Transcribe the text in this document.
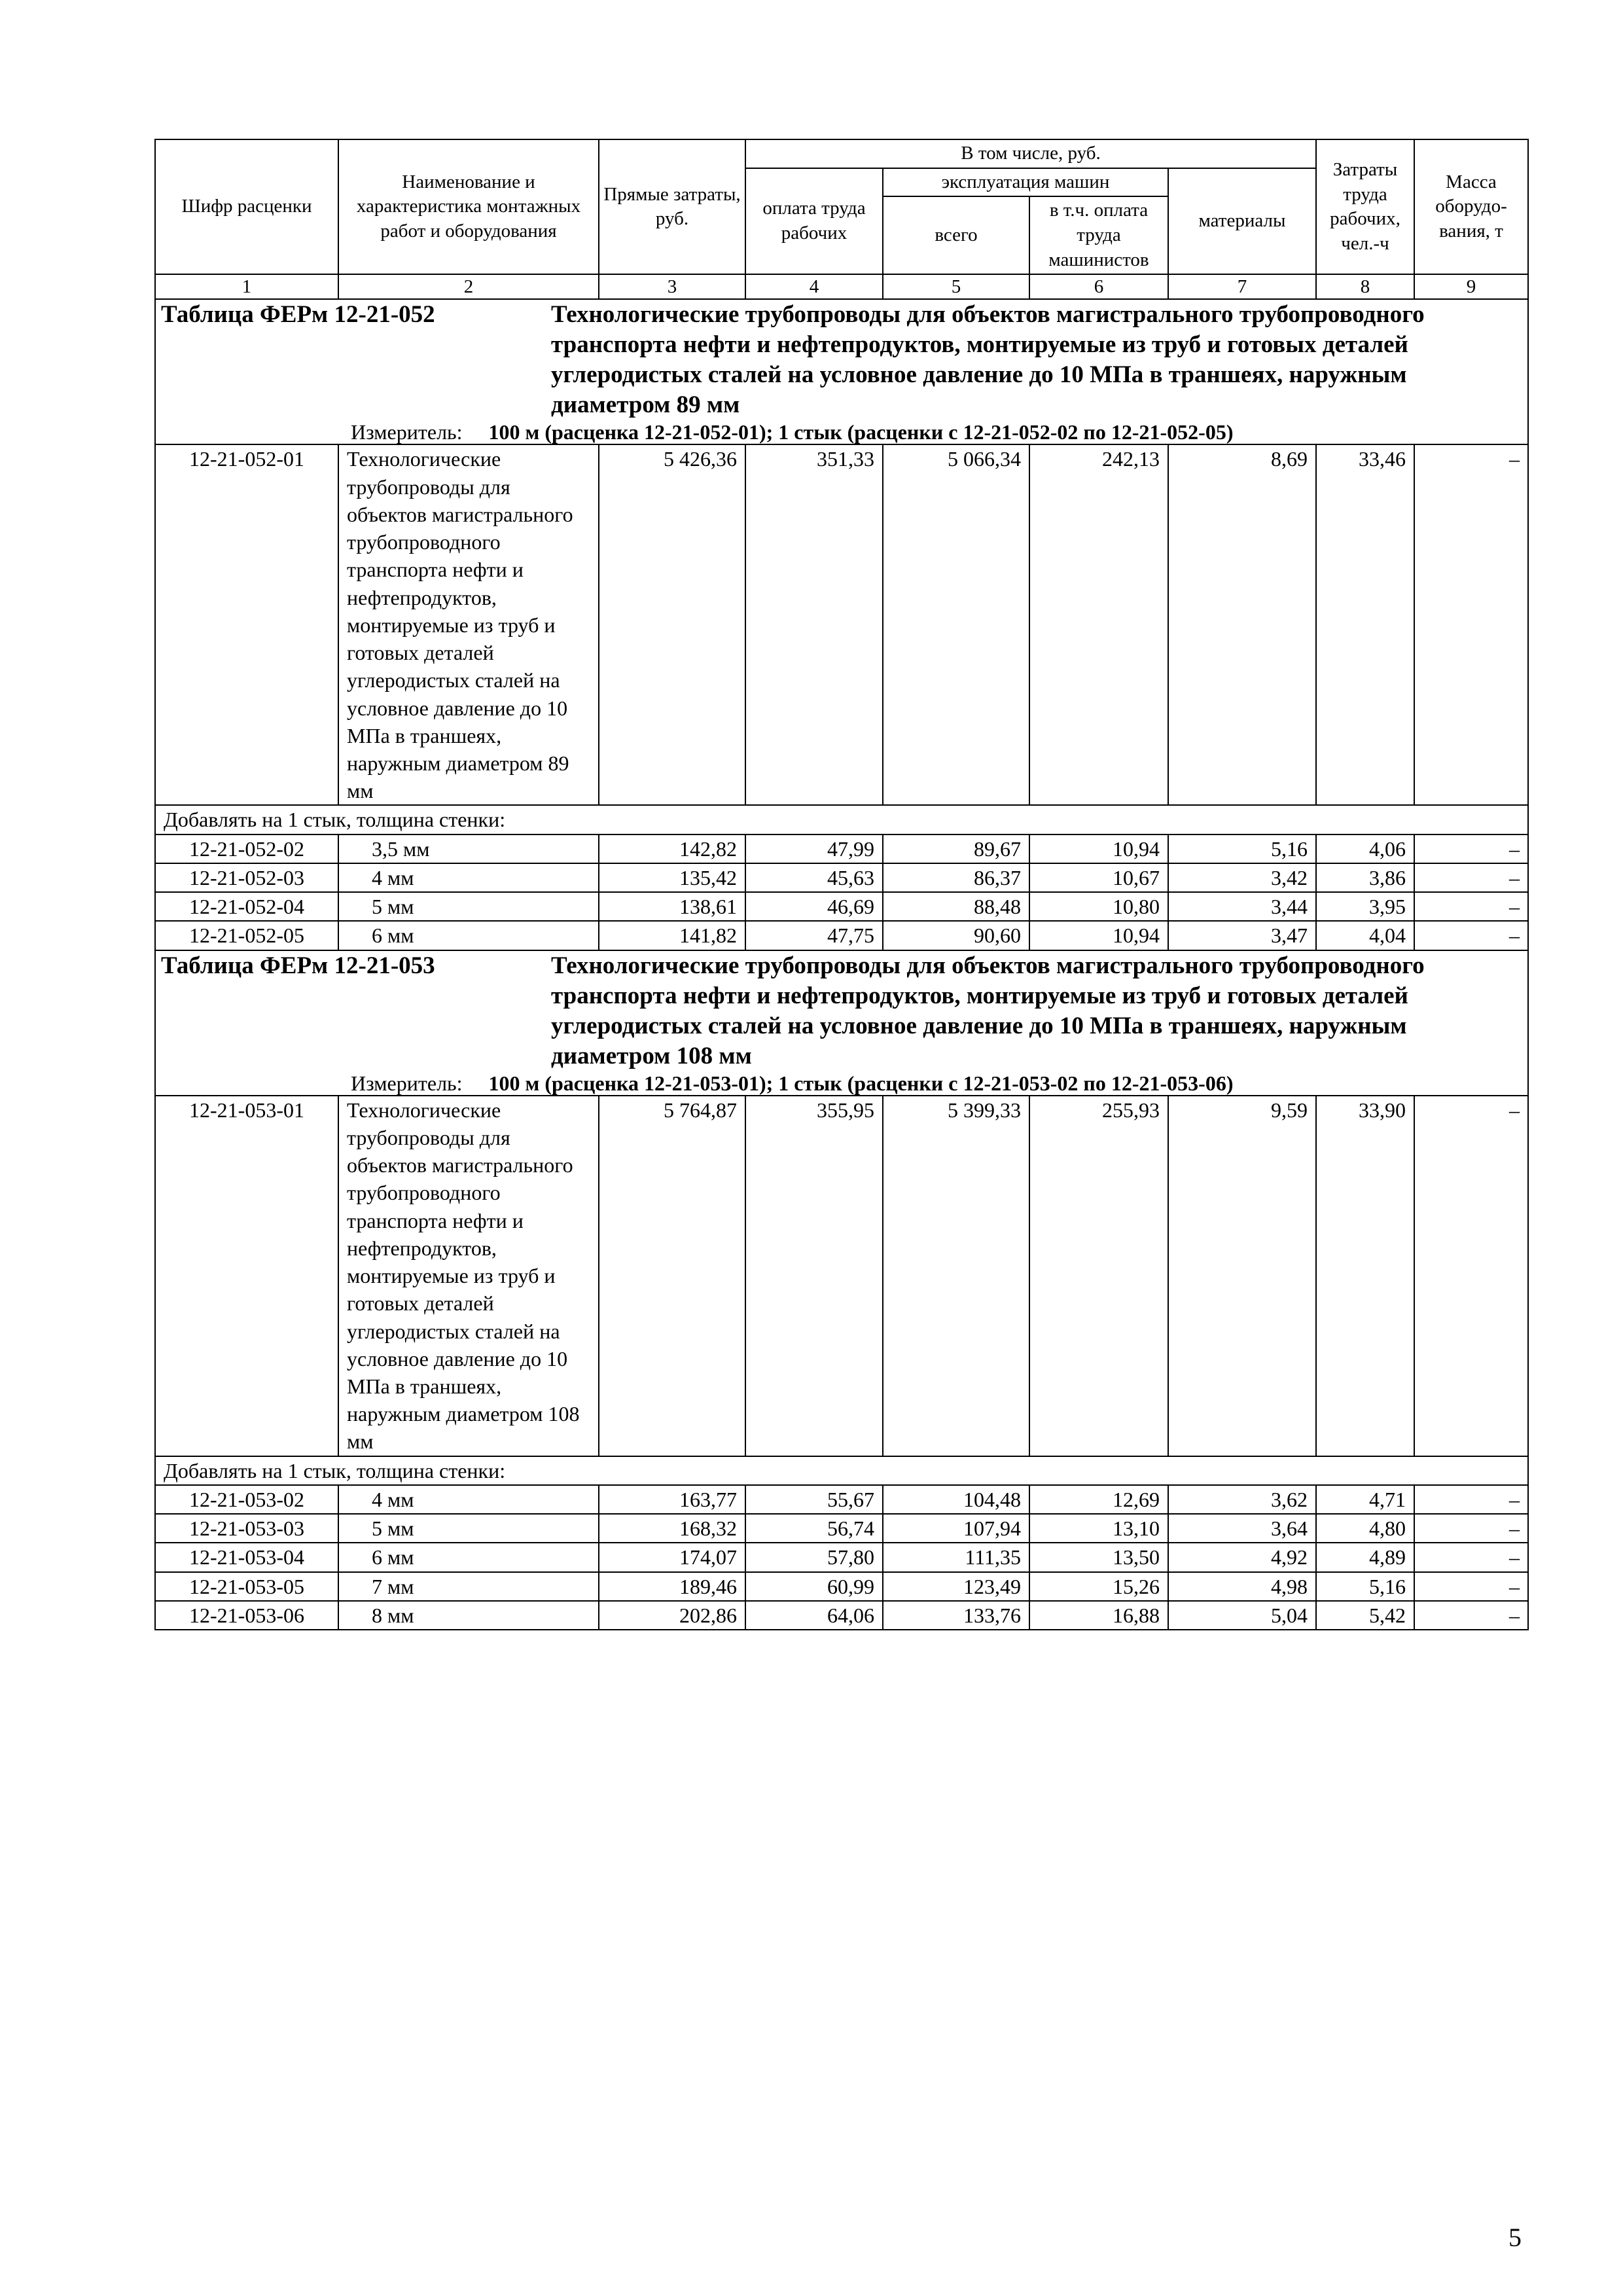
Шифр расценки	Наименование и характеристика монтажных работ и оборудования	Прямые затраты, руб.	В том числе, руб.				Затраты труда рабочих, чел.-ч	Масса оборудо-вания, т
			оплата труда рабочих	эксплуатация машин		материалы		
				всего	в т.ч. оплата труда машинистов			
1	2	3	4	5	6	7	8	9

Таблица ФЕРм 12-21-052 Технологические трубопроводы для объектов магистрального трубопроводного транспорта нефти и нефтепродуктов, монтируемые из труб и готовых деталей углеродистых сталей на условное давление до 10 МПа в траншеях, наружным диаметром 89 мм
Измеритель: 100 м (расценка 12-21-052-01); 1 стык (расценки с 12-21-052-02 по 12-21-052-05)								

12-21-052-01	Технологические трубопроводы для объектов магистрального трубопроводного транспорта нефти и нефтепродуктов, монтируемые из труб и готовых деталей углеродистых сталей на условное давление до 10 МПа в траншеях, наружным диаметром 89 мм	5 426,36	351,33	5 066,34	242,13	8,69	33,46	–
Добавлять на 1 стык, толщина стенки:								
12-21-052-02	3,5 мм	142,82	47,99	89,67	10,94	5,16	4,06	–
12-21-052-03	4 мм	135,42	45,63	86,37	10,67	3,42	3,86	–
12-21-052-04	5 мм	138,61	46,69	88,48	10,80	3,44	3,95	–
12-21-052-05	6 мм	141,82	47,75	90,60	10,94	3,47	4,04	–

Таблица ФЕРм 12-21-053 Технологические трубопроводы для объектов магистрального трубопроводного транспорта нефти и нефтепродуктов, монтируемые из труб и готовых деталей углеродистых сталей на условное давление до 10 МПа в траншеях, наружным диаметром 108 мм
Измеритель: 100 м (расценка 12-21-053-01); 1 стык (расценки с 12-21-053-02 по 12-21-053-06)								

12-21-053-01	Технологические трубопроводы для объектов магистрального трубопроводного транспорта нефти и нефтепродуктов, монтируемые из труб и готовых деталей углеродистых сталей на условное давление до 10 МПа в траншеях, наружным диаметром 108 мм	5 764,87	355,95	5 399,33	255,93	9,59	33,90	–
Добавлять на 1 стык, толщина стенки:								
12-21-053-02	4 мм	163,77	55,67	104,48	12,69	3,62	4,71	–
12-21-053-03	5 мм	168,32	56,74	107,94	13,10	3,64	4,80	–
12-21-053-04	6 мм	174,07	57,80	111,35	13,50	4,92	4,89	–
12-21-053-05	7 мм	189,46	60,99	123,49	15,26	4,98	5,16	–
12-21-053-06	8 мм	202,86	64,06	133,76	16,88	5,04	5,42	–
5
